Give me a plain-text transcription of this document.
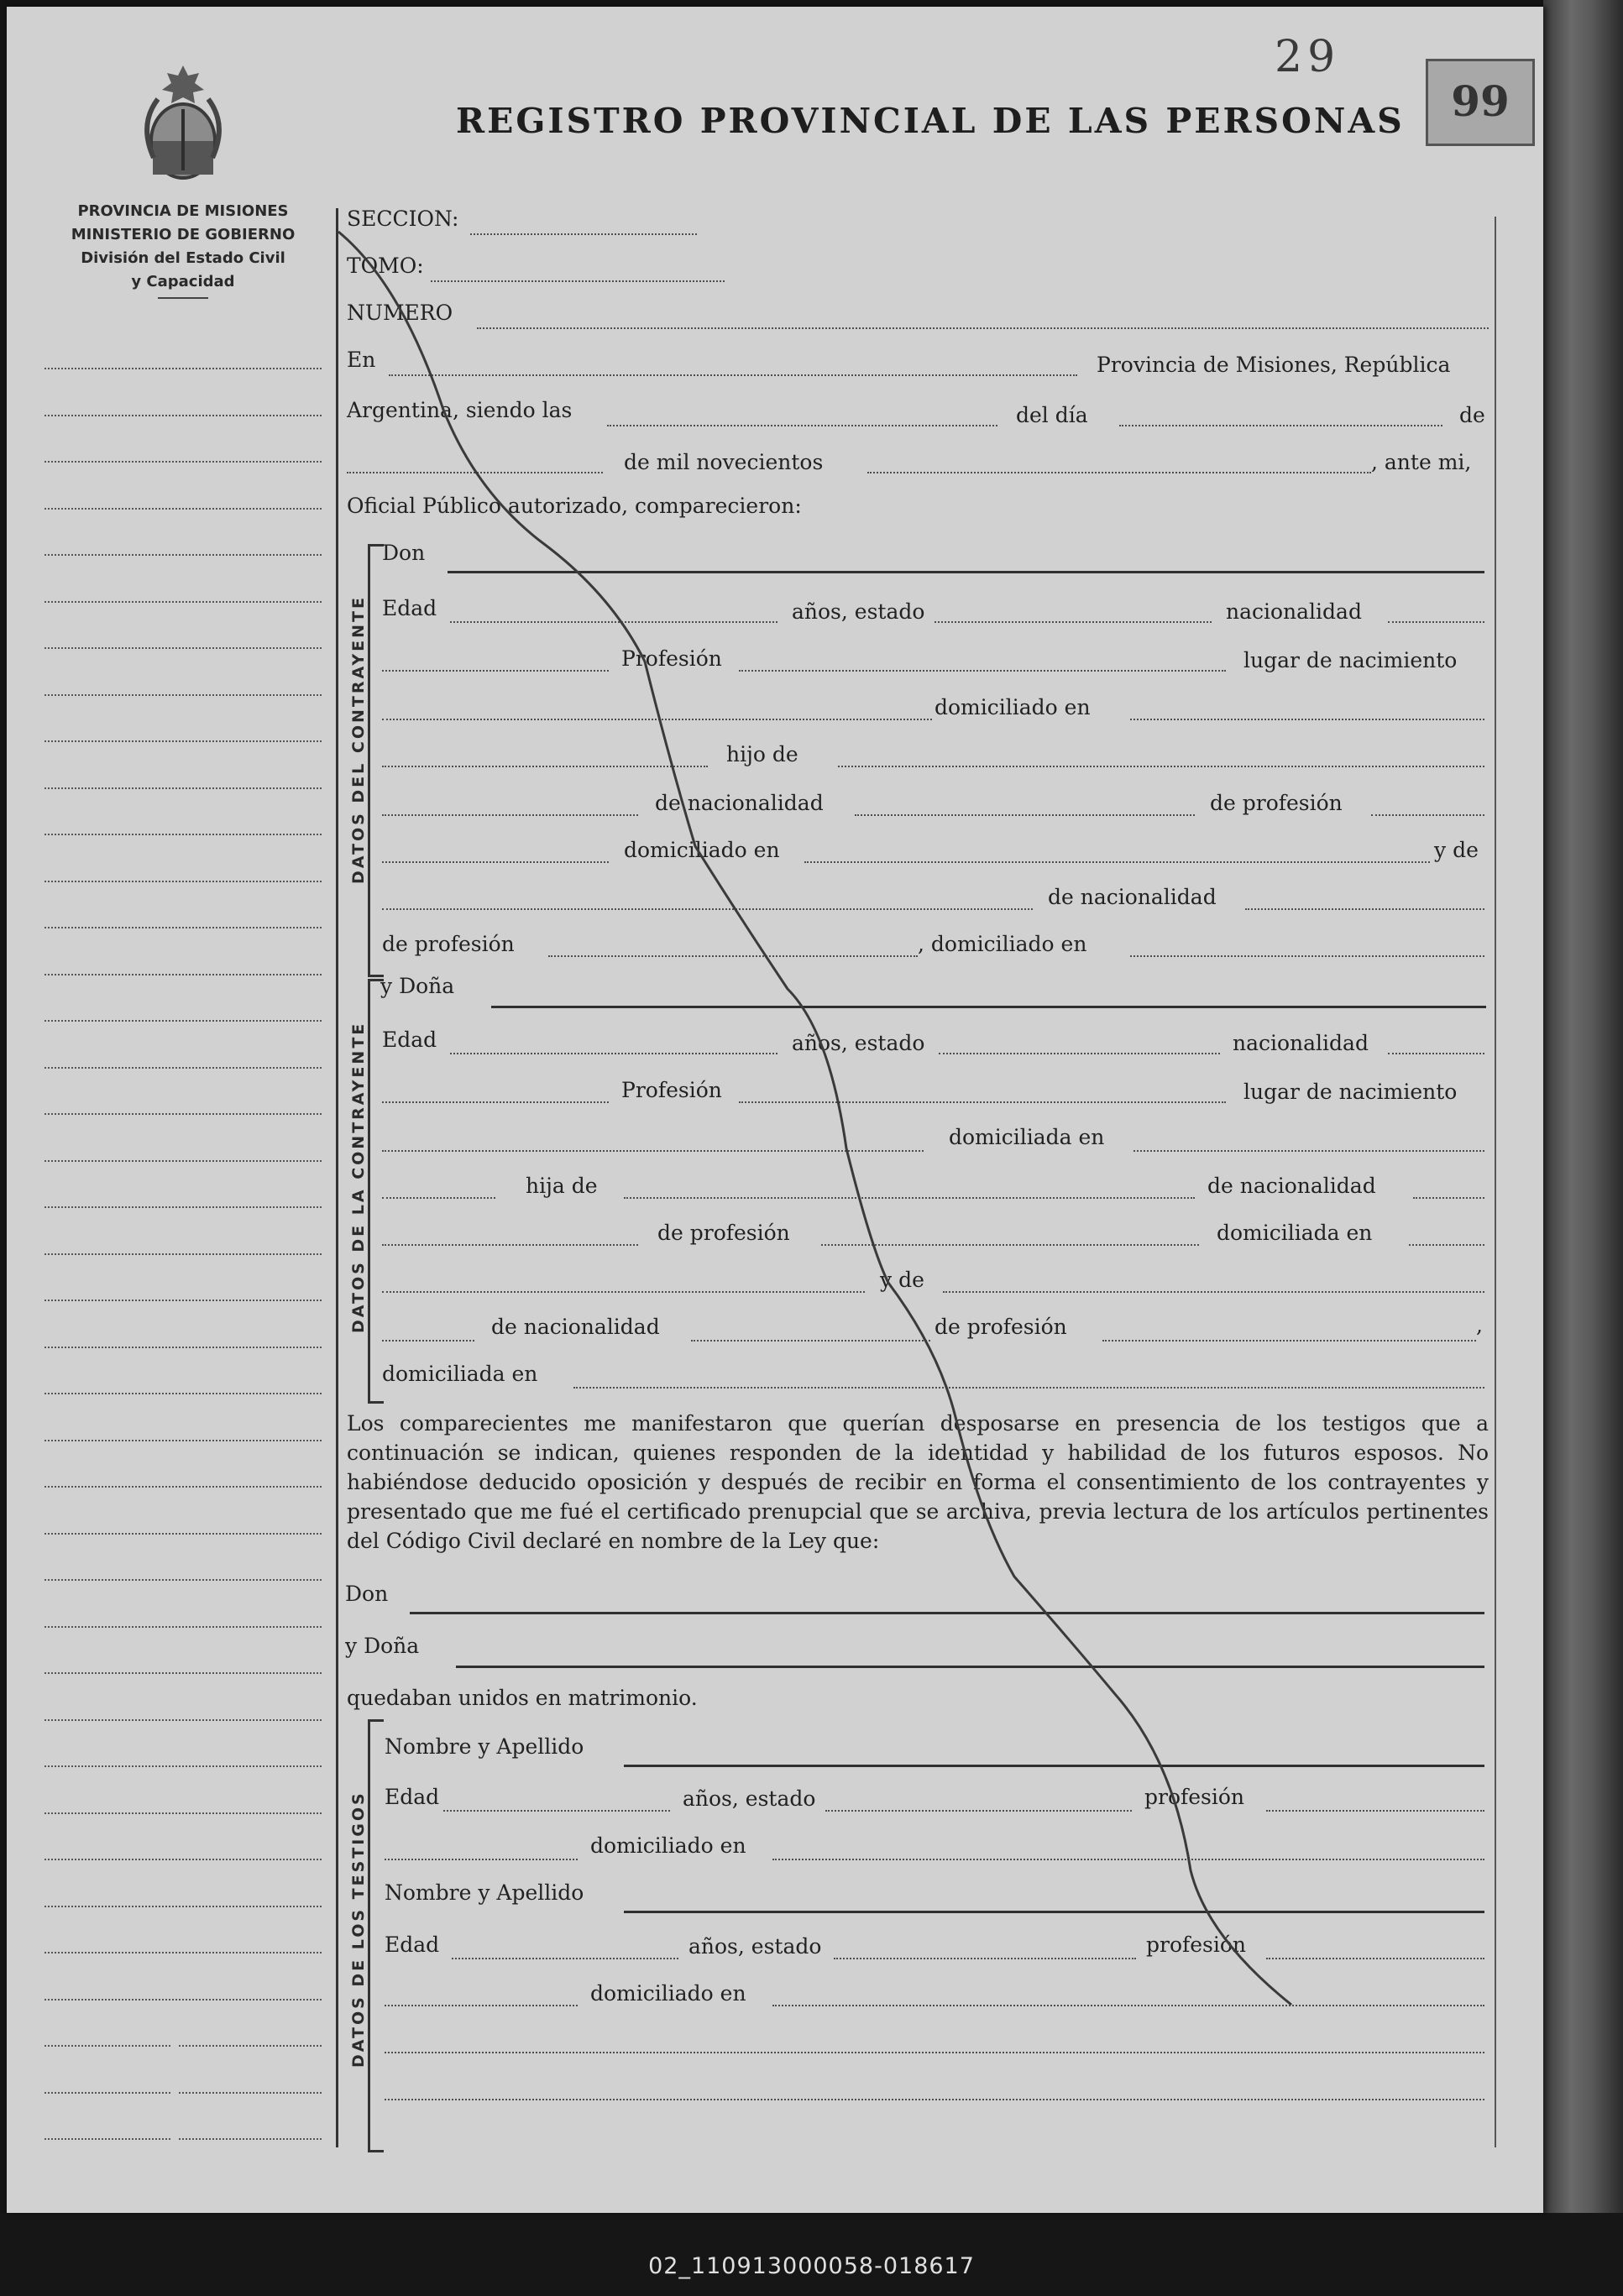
PROVINCIA DE MISIONES
MINISTERIO DE GOBIERNO
División del Estado Civil
y Capacidad
REGISTRO PROVINCIAL DE LAS PERSONAS
29
99
SECCION:
TOMO:
NUMERO
En	Provincia de Misiones, República
Argentina, siendo las	del día	de
de mil novecientos	, ante mi,
Oficial Público autorizado, comparecieron:
DATOS DEL CONTRAYENTE
Don
Edad	años, estado	nacionalidad
Profesión	lugar de nacimiento
domiciliado en
hijo de
de nacionalidad	de profesión
domiciliado en	y de
de nacionalidad
de profesión	, domiciliado en
DATOS DE LA CONTRAYENTE
y Doña
Edad	años, estado	nacionalidad
Profesión	lugar de nacimiento
domiciliada en
hija de	de nacionalidad
de profesión	domiciliada en
y de
de nacionalidad	de profesión	,
domiciliada en
Los comparecientes me manifestaron que querían desposarse en presencia de los testigos que a continuación se indican, quienes responden de la identidad y habilidad de los futuros esposos. No habiéndose deducido oposición y después de recibir en forma el consentimiento de los contrayentes y presentado que me fué el certificado prenupcial que se archiva, previa lectura de los artículos pertinentes del Código Civil declaré en nombre de la Ley que:
Don
y Doña
quedaban unidos en matrimonio.
DATOS DE LOS TESTIGOS
Nombre y Apellido
Edad	años, estado	profesión
domiciliado en
Nombre y Apellido
Edad	años, estado	profesión
domiciliado en
02_110913000058-018617
